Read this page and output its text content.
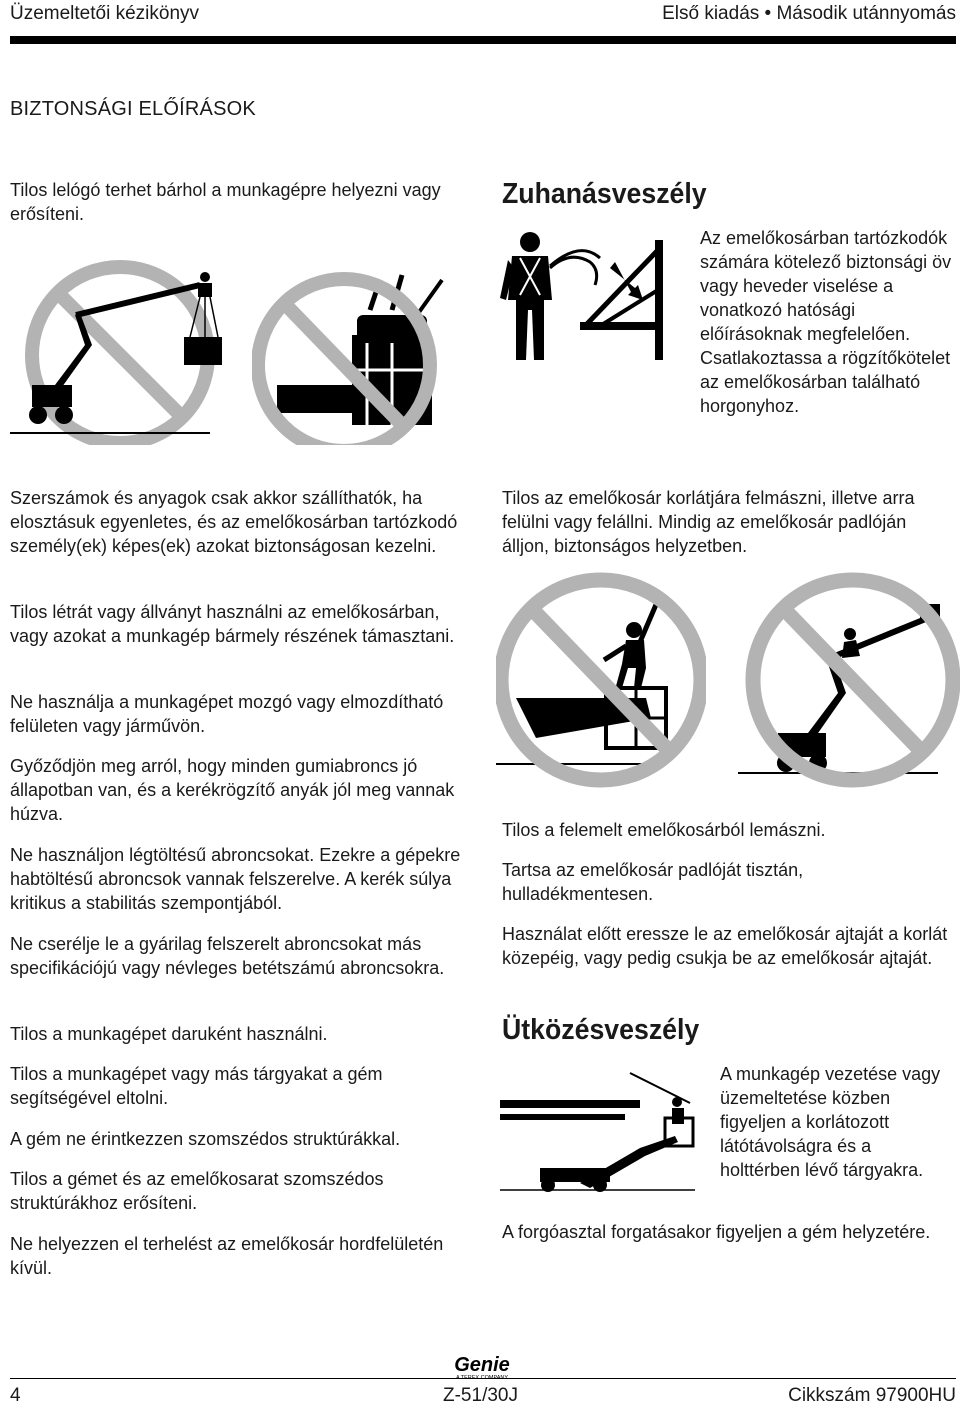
Üzemeltetői kézikönyv	Első kiadás • Második utánnyomás
BIZTONSÁGI ELŐÍRÁSOK

Tilos lelógó terhet bárhol a munkagépre helyezni vagy erősíteni.

Szerszámok és anyagok csak akkor szállíthatók, ha elosztásuk egyenletes, és az emelőkosárban tartózkodó személy(ek) képes(ek) azokat biztonságosan kezelni.

Tilos létrát vagy állványt használni az emelőkosárban, vagy azokat a munkagép bármely részének támasztani.

Ne használja a munkagépet mozgó vagy elmozdítható felületen vagy járművön.

Győződjön meg arról, hogy minden gumiabroncs jó állapotban van, és a kerékrögzítő anyák jól meg vannak húzva.

Ne használjon légtöltésű abroncsokat. Ezekre a gépekre habtöltésű abroncsok vannak felszerelve. A kerék súlya kritikus a stabilitás szempontjából.

Ne cserélje le a gyárilag felszerelt abroncsokat más specifikációjú vagy névleges betétszámú abroncsokra.

Tilos a munkagépet daruként használni.

Tilos a munkagépet vagy más tárgyakat a gém segítségével eltolni.

A gém ne érintkezzen szomszédos struktúrákkal.

Tilos a gémet és az emelőkosarat szomszédos struktúrákhoz erősíteni.

Ne helyezzen el terhelést az emelőkosár hordfelületén kívül.

Zuhanásveszély

Az emelőkosárban tartózkodók számára kötelező biztonsági öv vagy heveder viselése a vonatkozó hatósági előírásoknak megfelelően. Csatlakoztassa a rögzítőkötelet az emelőkosárban található horgonyhoz.

Tilos az emelőkosár korlátjára felmászni, illetve arra felülni vagy felállni. Mindig az emelőkosár padlóján álljon, biztonságos helyzetben.

Tilos a felemelt emelőkosárból lemászni.

Tartsa az emelőkosár padlóját tisztán, hulladékmentesen.

Használat előtt eressze le az emelőkosár ajtaját a korlát közepéig, vagy pedig csukja be az emelőkosár ajtaját.

Ütközésveszély

A munkagép vezetése vagy üzemeltetése közben figyeljen a korlátozott látótávolságra és a holttérben lévő tárgyakra.

A forgóasztal forgatásakor figyeljen a gém helyzetére.

Genie
4	Z-51/30J	Cikkszám 97900HU
